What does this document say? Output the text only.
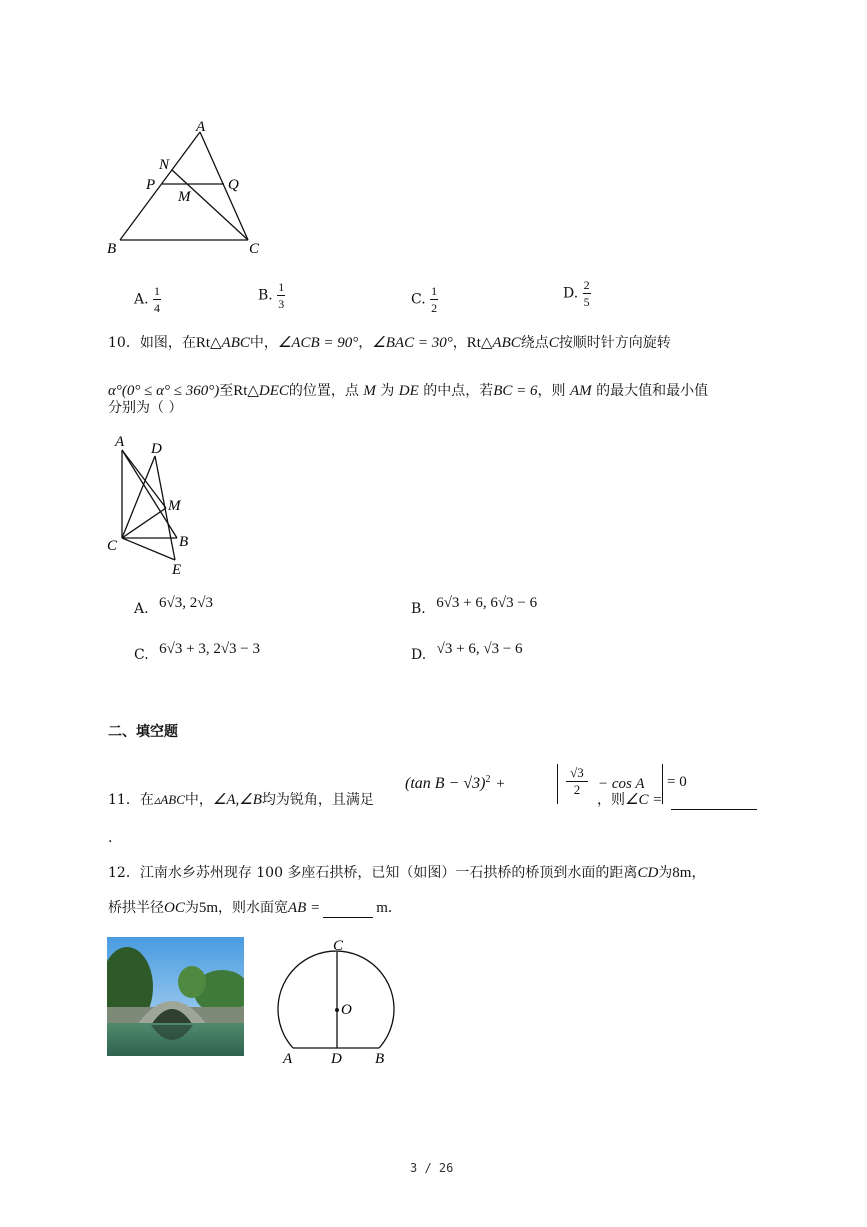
A
N
P	Q
M
B	C
A. $\frac{1}{4}$	B. $\frac{1}{3}$	C. $\frac{1}{2}$	D. $\frac{2}{5}$
10．如图，在Rt△ABC中，∠ACB = 90°，∠BAC = 30°，Rt△ABC绕点C按顺时针方向旋转
α°(0° ≤ α° ≤ 360°)至Rt△DEC的位置，点 M 为 DE 的中点，若BC = 6，则 AM 的最大值和最小值
分别为（ ）
A D
M
C	B
E
A. 6√3, 2√3	B. 6√3 + 6, 6√3 − 6
C. 6√3 + 3, 2√3 − 3	D. √3 + 6, √3 − 6
二、填空题
11．在▵ABC中，∠A,∠B均为锐角，且满足
(tan B − √3)$^2$ +
√3
2	− cos A = 0
，则∠C =
.
12．江南水乡苏州现存 100 多座石拱桥，已知（如图）一石拱桥的桥顶到水面的距离CD为8m，
桥拱半径OC为5m，则水面宽AB =	m．
C
O
A	D B
3 / 26
